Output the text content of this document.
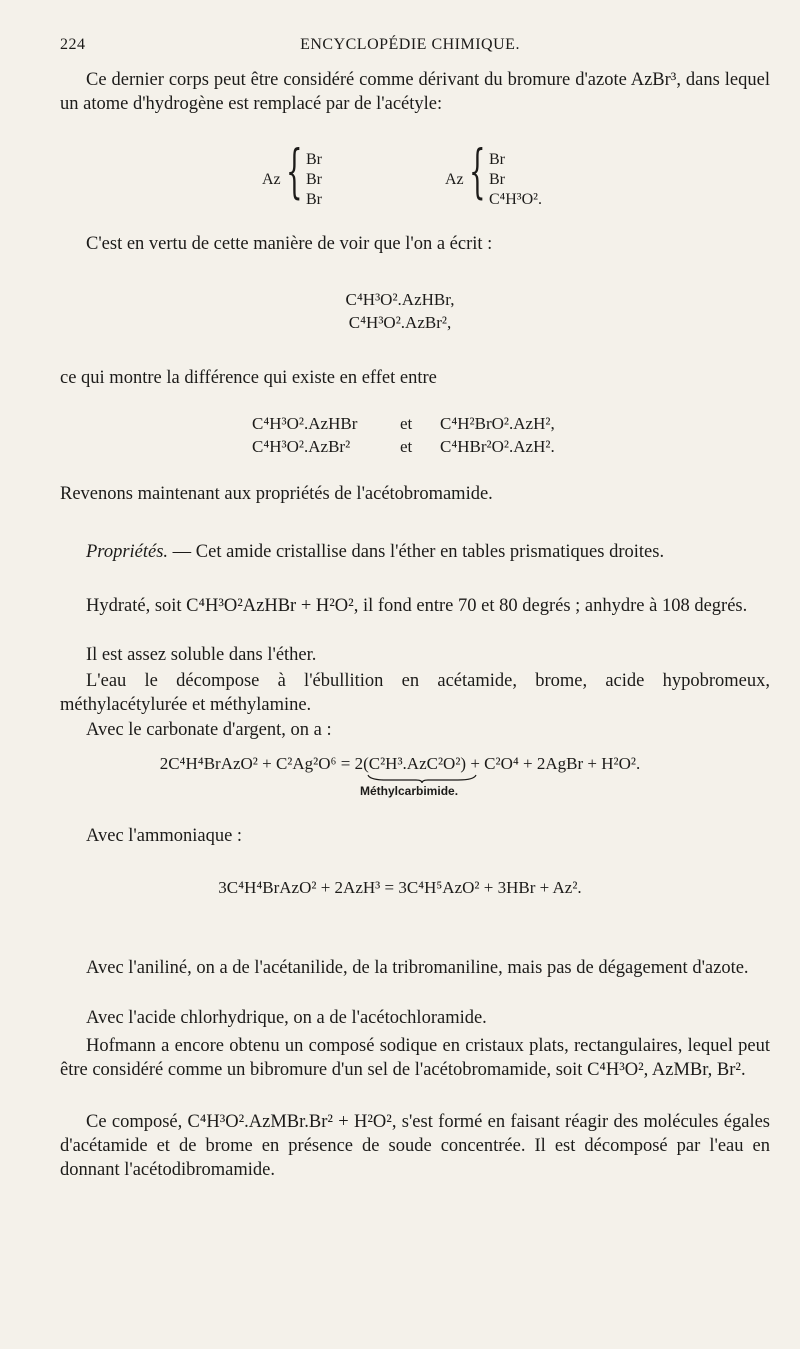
224	ENCYCLOPÉDIE CHIMIQUE.
Ce dernier corps peut être considéré comme dérivant du bromure d'azote AzBr³, dans lequel un atome d'hydrogène est remplacé par de l'acétyle:
Az { Br
Br
Br
Az { Br
Br
C⁴H³O².
C'est en vertu de cette manière de voir que l'on a écrit :
C⁴H³O².AzHBr,
C⁴H³O².AzBr²,
ce qui montre la différence qui existe en effet entre
C⁴H³O².AzHBr	et C⁴H²BrO².AzH²,
C⁴H³O².AzBr²	et C⁴HBr²O².AzH².
Revenons maintenant aux propriétés de l'acétobromamide.
Propriétés. — Cet amide cristallise dans l'éther en tables prismatiques droites.
Hydraté, soit C⁴H³O²AzHBr + H²O², il fond entre 70 et 80 degrés ; anhydre à 108 degrés.
Il est assez soluble dans l'éther.
L'eau le décompose à l'ébullition en acétamide, brome, acide hypobromeux, méthylacétylurée et méthylamine.
Avec le carbonate d'argent, on a :
2C⁴H⁴BrAzO² + C²Ag²O⁶ = 2(C²H³.AzC²O²) + C²O⁴ + 2AgBr + H²O².
Méthylcarbimide.
Avec l'ammoniaque :
3C⁴H⁴BrAzO² + 2AzH³ = 3C⁴H⁵AzO² + 3HBr + Az².
Avec l'aniliné, on a de l'acétanilide, de la tribromaniline, mais pas de dégagement d'azote.
Avec l'acide chlorhydrique, on a de l'acétochloramide.
Hofmann a encore obtenu un composé sodique en cristaux plats, rectangulaires, lequel peut être considéré comme un bibromure d'un sel de l'acétobromamide, soit C⁴H³O², AzMBr, Br².
Ce composé, C⁴H³O².AzMBr.Br² + H²O², s'est formé en faisant réagir des molécules égales d'acétamide et de brome en présence de soude concentrée. Il est décomposé par l'eau en donnant l'acétodibromamide.
